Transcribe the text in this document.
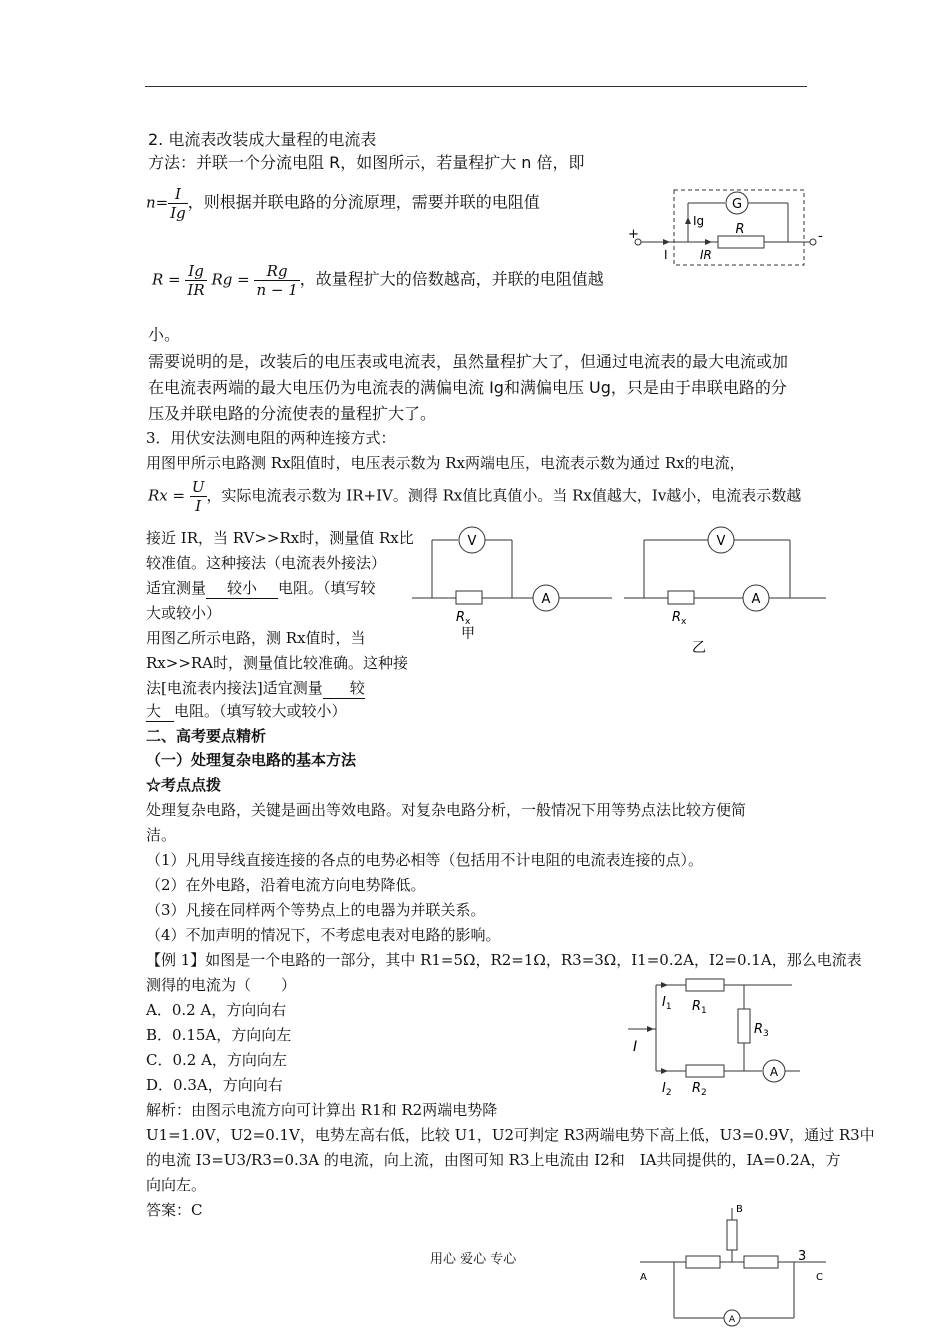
2. 电流表改装成大量程的电流表
方法：并联一个分流电阻 R，如图所示，若量程扩大 n 倍，即
$n= \frac{I}{Ig}$ ，则根据并联电路的分流原理，需要并联的电阻值
$R = \frac{Ig}{IR}$ $Rg = \frac{Rg}{n - 1}$ ，故量程扩大的倍数越高，并联的电阻值越
小。
需要说明的是，改装后的电压表或电流表，虽然量程扩大了，但通过电流表的最大电流或加
在电流表两端的最大电压仍为电流表的满偏电流 Ig和满偏电压 Ug，只是由于串联电路的分
压及并联电路的分流使表的量程扩大了。
G
R
Ig
IR
I
+	-
3．用伏安法测电阻的两种连接方式：
用图甲所示电路测 Rx阻值时，电压表示数为 Rx两端电压，电流表示数为通过 Rx的电流，
$Rx = \frac{U}{I}$ ，实际电流表示数为 IR+IV。测得 Rx值比真值小。当 Rx值越大，Iv越小，电流表示数越
接近 IR，当 RV>>Rx时，测量值 Rx比
较准值。这种接法（电流表外接法）
适宜测量 较小 电阻。（填写较
大或较小）
用图乙所示电路，测 Rx值时，当
Rx>>RA时，测量值比较准确。这种接
法[电流表内接法]适宜测量 较
大 电阻。（填写较大或较小）
V
$R_x$
A
甲
V
$R_x$
A
乙
二、高考要点精析
（一）处理复杂电路的基本方法
☆考点点拨
处理复杂电路，关键是画出等效电路。对复杂电路分析，一般情况下用等势点法比较方便简
洁。
（1）凡用导线直接连接的各点的电势必相等（包括用不计电阻的电流表连接的点）。
（2）在外电路，沿着电流方向电势降低。
（3）凡接在同样两个等势点上的电器为并联关系。
（4）不加声明的情况下，不考虑电表对电路的影响。
【例 1】如图是一个电路的一部分，其中 R1=5Ω，R2=1Ω，R3=3Ω，I1=0.2A，I2=0.1A，那么电流表
测得的电流为（　　）
A．0.2 A，方向向右
B．0.15A，方向向左
C．0.2 A，方向向左
D．0.3A，方向向右
解析：由图示电流方向可计算出 R1和 R2两端电势降
U1=1.0V，U2=0.1V，电势左高右低，比较 U1，U2可判定 R3两端电势下高上低，U3=0.9V，通过 R3中
的电流 I3=U3/R3=0.3A 的电流，向上流，由图可知 R3上电流由 I2和　IA共同提供的，IA=0.2A，方
向向左。
答案：C
I
$I_1$ $R_1$
$R_3$
$I_2$ $R_2$
A
B
A	C
3
A
用心 爱心 专心
